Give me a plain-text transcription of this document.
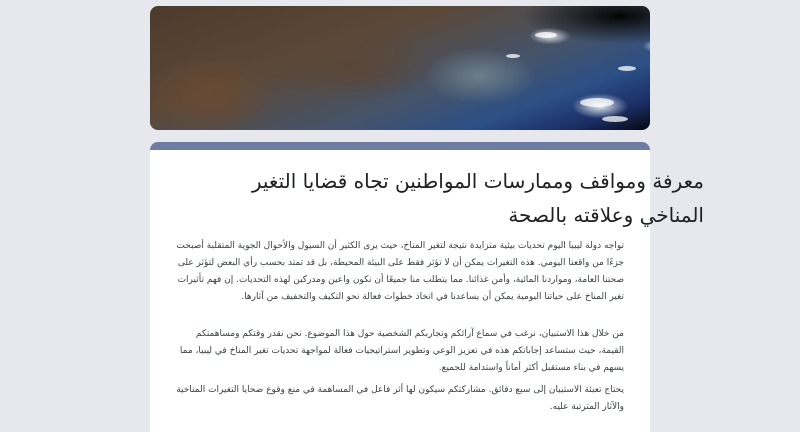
معرفة ومواقف وممارسات المواطنين تجاه قضايا التغير المناخي وعلاقته بالصحة

تواجه دولة ليبيا اليوم تحديات بيئية متزايدة نتيجة لتغير المناخ، حيث يرى الكثير أن السيول والأحوال الجوية المتقلبة أصبحت جزءًا من واقعنا اليومي. هذه التغيرات يمكن أن لا تؤثر فقط على البيئة المحيطة، بل قد تمتد بحسب رأي البعض لتؤثر على صحتنا العامة، ومواردنا المائية، وأمن غذائنا. مما يتطلب منا جميعًا أن نكون واعين ومدركين لهذه التحديات. إن فهم تأثيرات تغير المناخ على حياتنا اليومية يمكن أن يساعدنا في اتخاذ خطوات فعالة نحو التكيف والتخفيف من آثارها.

من خلال هذا الاستبيان، نرغب في سماع آرائكم وتجاربكم الشخصية حول هذا الموضوع. نحن نقدر وقتكم ومساهمتكم القيمة، حيث ستساعد إجاباتكم هذه في تعزيز الوعي وتطوير استراتيجيات فعالة لمواجهة تحديات تغير المناخ في ليبيا، مما يسهم في بناء مستقبل أكثر أماناً واستدامة للجميع.

يحتاج تعبئة الاستبيان إلى سبع دقائق. مشاركتكم سيكون لها أثر فاعل في المساهمة في منع وقوع ضحايا التغيرات المناخية والآثار المترتبة عليه.
